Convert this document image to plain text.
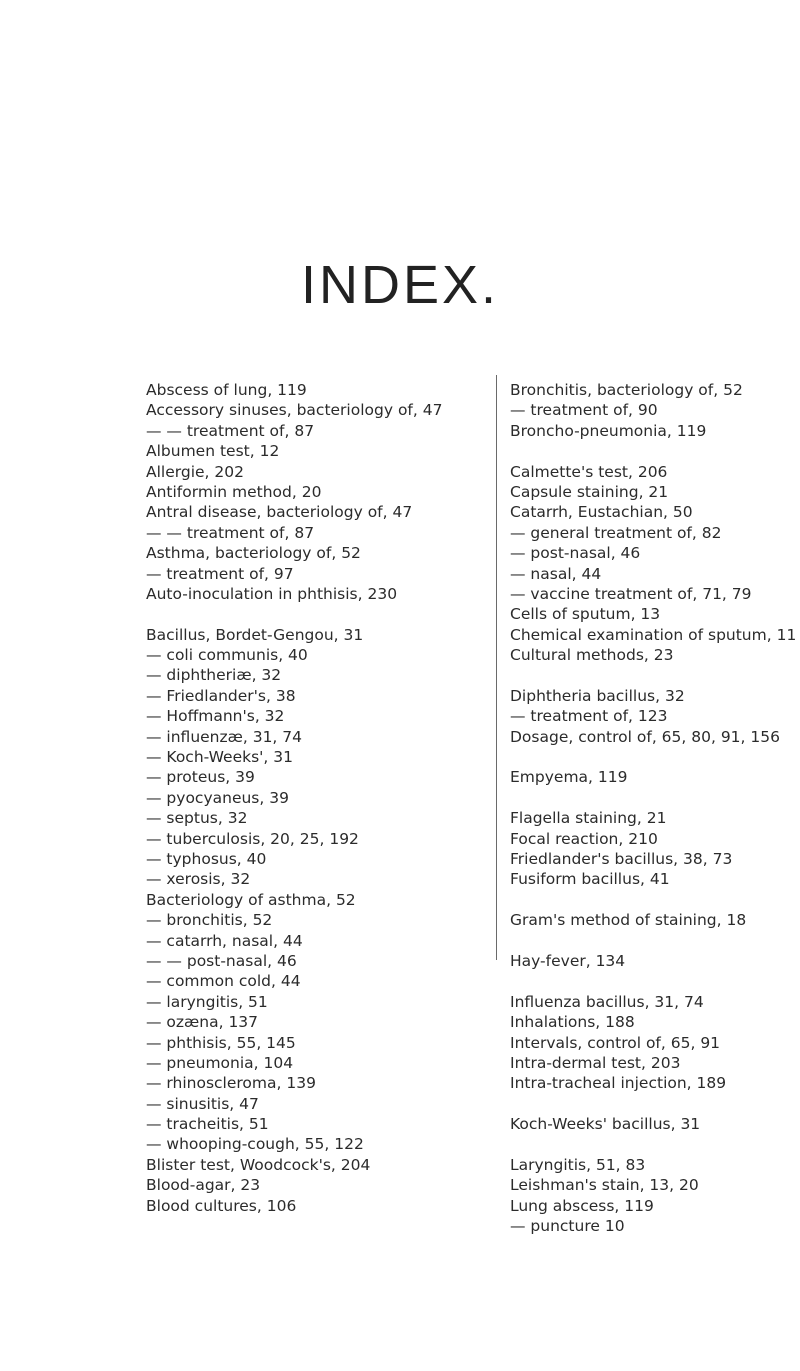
INDEX.
Abscess of lung, 119
Accessory sinuses, bacteriology of, 47
— — treatment of, 87
Albumen test, 12
Allergie, 202
Antiformin method, 20
Antral disease, bacteriology of, 47
— — treatment of, 87
Asthma, bacteriology of, 52
— treatment of, 97
Auto-inoculation in phthisis, 230
Bacillus, Bordet-Gengou, 31
— coli communis, 40
— diphtheriæ, 32
— Friedlander's, 38
— Hoffmann's, 32
— influenzæ, 31, 74
— Koch-Weeks', 31
— proteus, 39
— pyocyaneus, 39
— septus, 32
— tuberculosis, 20, 25, 192
— typhosus, 40
— xerosis, 32
Bacteriology of asthma, 52
— bronchitis, 52
— catarrh, nasal, 44
— — post-nasal, 46
— common cold, 44
— laryngitis, 51
— ozæna, 137
— phthisis, 55, 145
— pneumonia, 104
— rhinoscleroma, 139
— sinusitis, 47
— tracheitis, 51
— whooping-cough, 55, 122
Blister test, Woodcock's, 204
Blood-agar, 23
Blood cultures, 106
Bronchitis, bacteriology of, 52
— treatment of, 90
Broncho-pneumonia, 119
Calmette's test, 206
Capsule staining, 21
Catarrh, Eustachian, 50
— general treatment of, 82
— post-nasal, 46
— nasal, 44
— vaccine treatment of, 71, 79
Cells of sputum, 13
Chemical examination of sputum, 11
Cultural methods, 23
Diphtheria bacillus, 32
— treatment of, 123
Dosage, control of, 65, 80, 91, 156
Empyema, 119
Flagella staining, 21
Focal reaction, 210
Friedlander's bacillus, 38, 73
Fusiform bacillus, 41
Gram's method of staining, 18
Hay-fever, 134
Influenza bacillus, 31, 74
Inhalations, 188
Intervals, control of, 65, 91
Intra-dermal test, 203
Intra-tracheal injection, 189
Koch-Weeks' bacillus, 31
Laryngitis, 51, 83
Leishman's stain, 13, 20
Lung abscess, 119
— puncture 10
